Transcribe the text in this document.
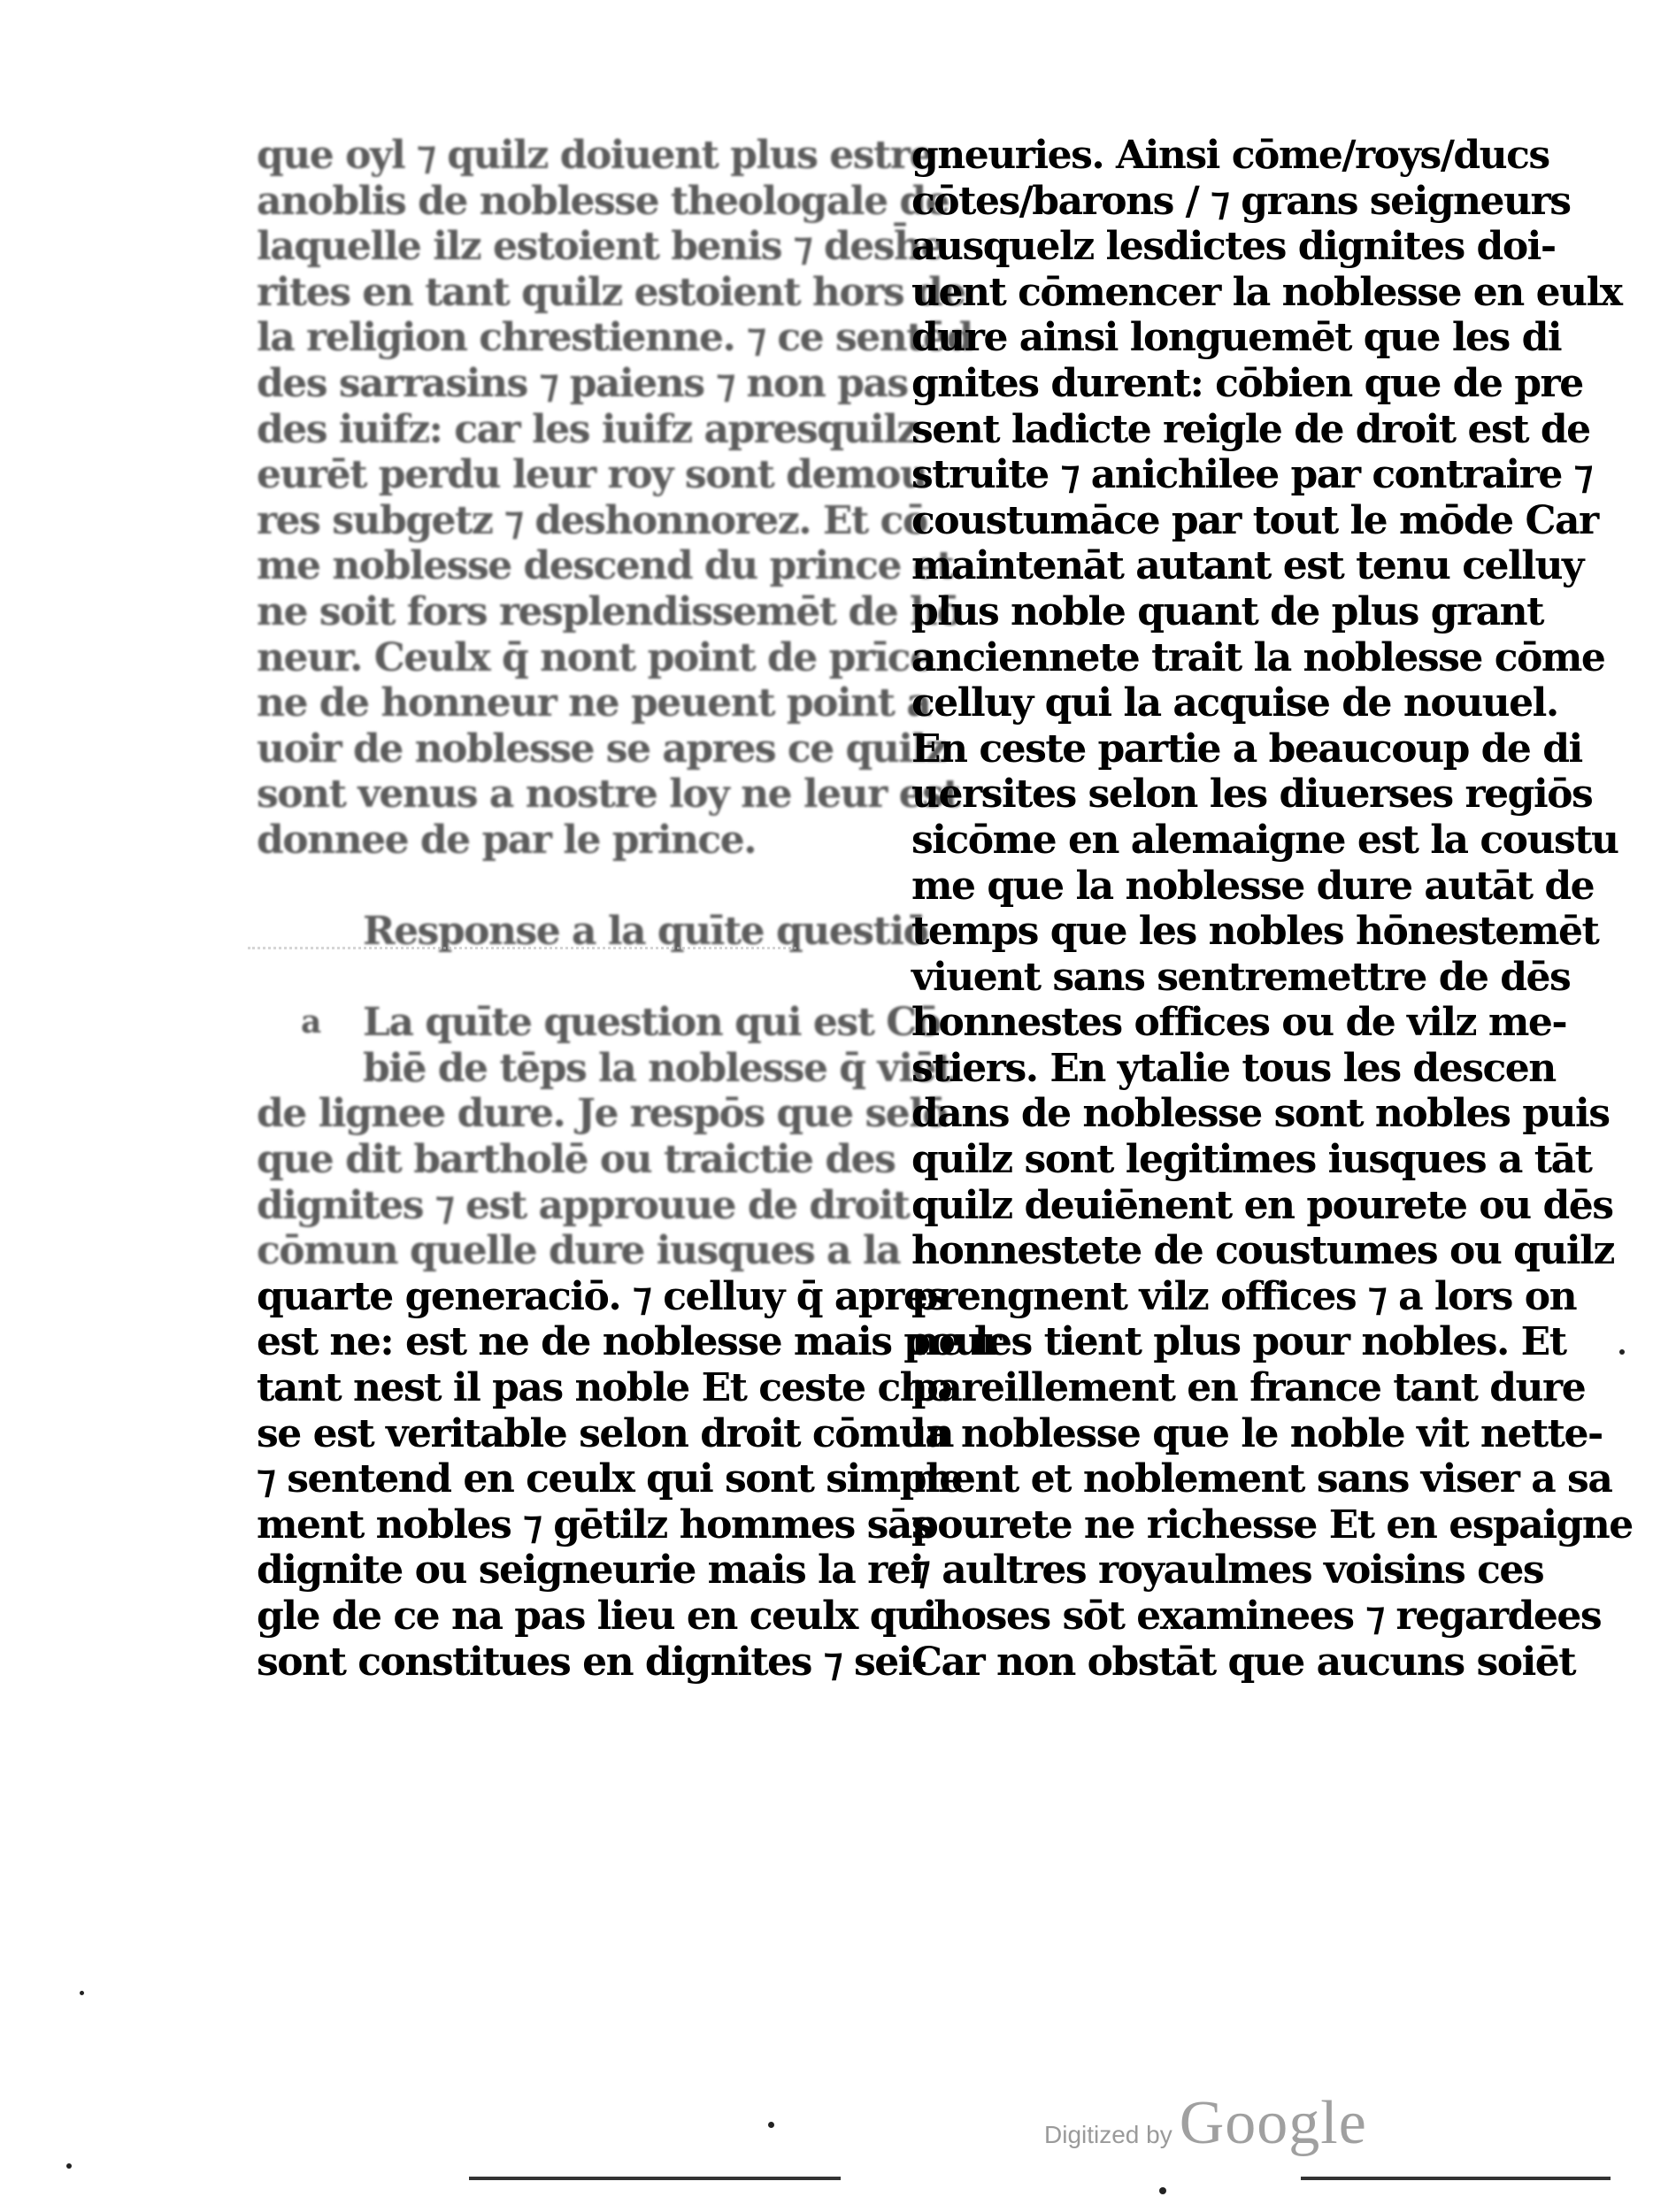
que oyl ⁊ quilz doiuent plus estre
anoblis de noblesse theologale de
laquelle ilz estoient benis ⁊ desh̄e
rites en tant quilz estoient hors de
la religion chrestienne. ⁊ ce sentēd
des sarrasins ⁊ paiens ⁊ non pas
des iuifz: car les iuifz apresquilz
eurēt perdu leur roy sont demou
res subgetz ⁊ deshonnorez. Et cō
me noblesse descend du prince et
ne soit fors resplendissemēt de hō
neur. Ceulx q̄ nont point de prīce
ne de honneur ne peuent point a
uoir de noblesse se apres ce quilz
sont venus a nostre loy ne leur est
donnee de par le prince.
Response a la quīte questiō
a La quīte question qui est Cō
biē de tēps la noblesse q̄ viēt
de lignee dure. Je respōs que selō
que dit bartholē ou traictie des
dignites ⁊ est approuue de droit
cōmun quelle dure iusques a la
quarte generaciō. ⁊ celluy q̄ apres
est ne: est ne de noblesse mais pour
tant nest il pas noble Et ceste cho
se est veritable selon droit cōmun
⁊ sentend en ceulx qui sont simple
ment nobles ⁊ gētilz hommes sās
dignite ou seigneurie mais la rei
gle de ce na pas lieu en ceulx qui
sont constitues en dignites ⁊ sei-
gneuries. Ainsi cōme/roys/ducs
cōtes/barons / ⁊ grans seigneurs
ausquelz lesdictes dignites doi-
uent cōmencer la noblesse en eulx
dure ainsi longuemēt que les di
gnites durent: cōbien que de pre
sent ladicte reigle de droit est de
struite ⁊ anichilee par contraire ⁊
coustumāce par tout le mōde Car
maintenāt autant est tenu celluy
plus noble quant de plus grant
anciennete trait la noblesse cōme
celluy qui la acquise de nouuel.
En ceste partie a beaucoup de di
uersites selon les diuerses regiōs
sicōme en alemaigne est la coustu
me que la noblesse dure autāt de
temps que les nobles hōnestemēt
viuent sans sentremettre de dēs
honnestes offices ou de vilz me-
stiers. En ytalie tous les descen
dans de noblesse sont nobles puis
quilz sont legitimes iusques a tāt
quilz deuiēnent en pourete ou dēs
honnestete de coustumes ou quilz
prengnent vilz offices ⁊ a lors on
ne les tient plus pour nobles. Et
pareillement en france tant dure
la noblesse que le noble vit nette-
ment et noblement sans viser a sa
pourete ne richesse Et en espaigne
⁊ aultres royaulmes voisins ces
choses sōt examinees ⁊ regardees
Car non obstāt que aucuns soiēt
Digitized by Google
